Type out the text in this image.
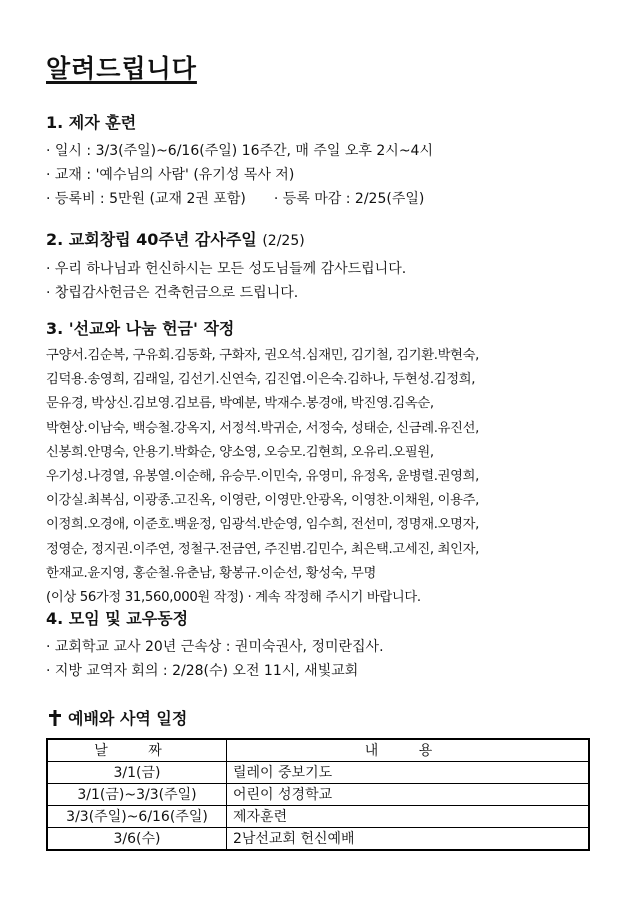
알려드립니다
1. 제자 훈련

· 일시 : 3/3(주일)~6/16(주일) 16주간, 매 주일 오후 2시~4시

· 교재 : '예수님의 사람' (유기성 목사 저)

· 등록비 : 5만원 (교재 2권 포함) · 등록 마감 : 2/25(주일)

2. 교회창립 40주년 감사주일 (2/25)

· 우리 하나님과 헌신하시는 모든 성도님들께 감사드립니다.

· 창립감사헌금은 건축헌금으로 드립니다.

3. '선교와 나눔 헌금' 작정

구양서.김순복, 구유회.김동화, 구화자, 권오석.심재민, 김기철, 김기환.박현숙,

김덕용.송영희, 김래일, 김선기.신연숙, 김진엽.이은숙.김하나, 두현성.김정희,

문유경, 박상신.김보영.김보름, 박예분, 박재수.봉경애, 박진영.김옥순,

박현상.이남숙, 백승철.강옥지, 서정석.박귀순, 서정숙, 성태순, 신금례.유진선,

신봉희.안명숙, 안용기.박화순, 양소영, 오승모.김현희, 오유리.오필원,

우기성.나경열, 유봉열.이순해, 유승무.이민숙, 유영미, 유정옥, 윤병렬.권영희,

이강실.최복심, 이광종.고진옥, 이영란, 이영만.안광옥, 이영찬.이채원, 이용주,

이정희.오경애, 이준호.백윤정, 임광석.반순영, 임수희, 전선미, 정명재.오명자,

정영순, 정지권.이주연, 정철구.전금연, 주진범.김민수, 최은택.고세진, 최인자,

한재교.윤지영, 홍순철.유춘남, 황봉규.이순선, 황성숙, 무명

(이상 56가정 31,560,000원 작정) · 계속 작정해 주시기 바랍니다.

4. 모임 및 교우동정

· 교회학교 교사 20년 근속상 : 권미숙권사, 정미란집사.

· 지방 교역자 회의 : 2/28(수) 오전 11시, 새빛교회

예배와 사역 일정
날 짜	내 용
3/1(금)	릴레이 중보기도
3/1(금)~3/3(주일)	어린이 성경학교
3/3(주일)~6/16(주일)	제자훈련
3/6(수)	2남선교회 헌신예배
